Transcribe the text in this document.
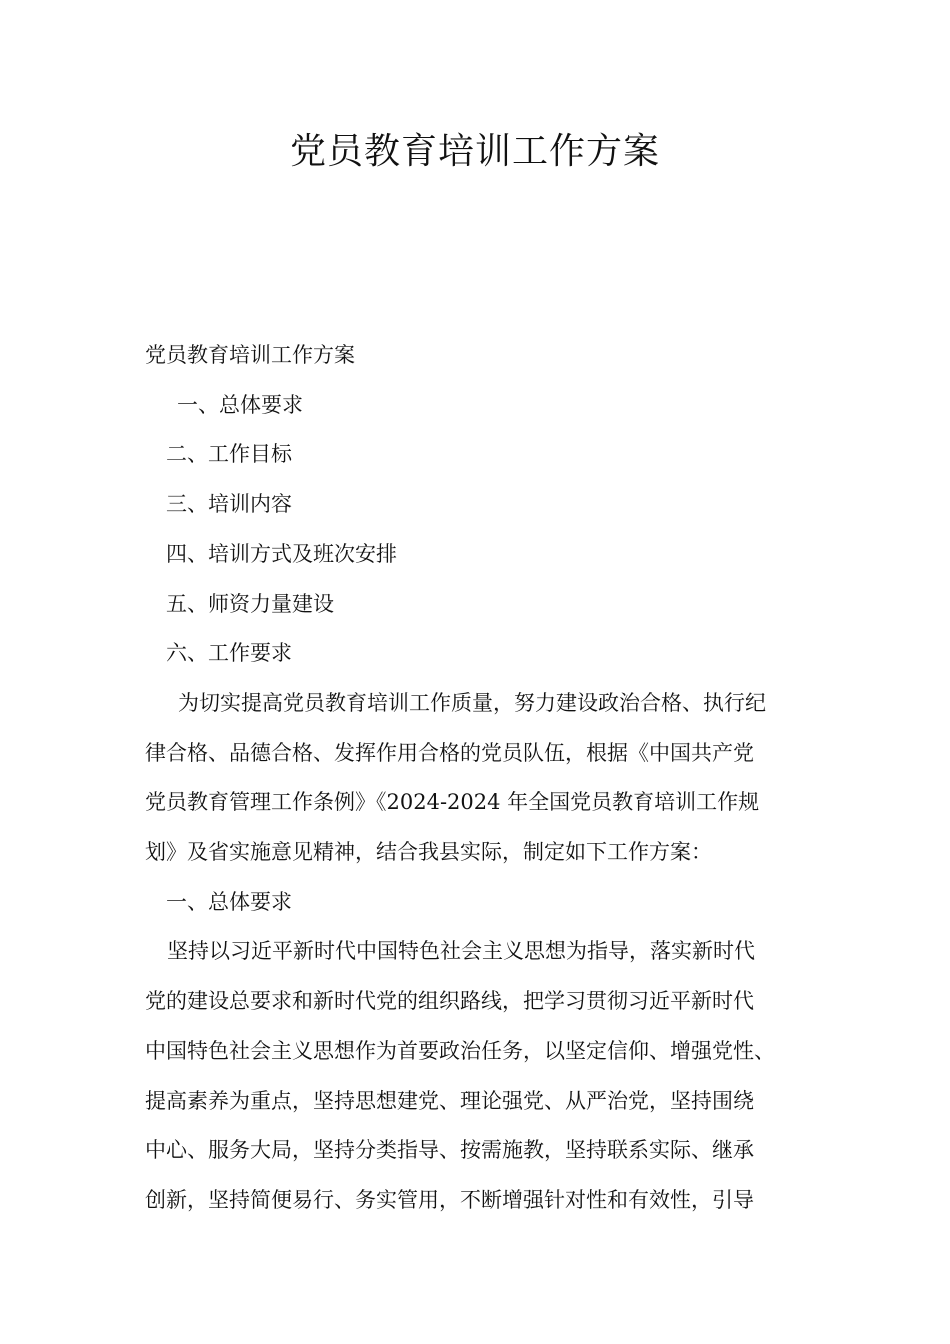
党员教育培训工作方案

党员教育培训工作方案

一、总体要求

二、工作目标

三、培训内容

四、培训方式及班次安排

五、师资力量建设

六、工作要求

为切实提高党员教育培训工作质量，努力建设政治合格、执行纪

律合格、品德合格、发挥作用合格的党员队伍，根据《中国共产党

党员教育管理工作条例》《2024-2024 年全国党员教育培训工作规

划》及省实施意见精神，结合我县实际，制定如下工作方案：

一、总体要求

坚持以习近平新时代中国特色社会主义思想为指导，落实新时代

党的建设总要求和新时代党的组织路线，把学习贯彻习近平新时代

中国特色社会主义思想作为首要政治任务，以坚定信仰、增强党性、

提高素养为重点，坚持思想建党、理论强党、从严治党，坚持围绕

中心、服务大局，坚持分类指导、按需施教，坚持联系实际、继承

创新，坚持简便易行、务实管用，不断增强针对性和有效性，引导
